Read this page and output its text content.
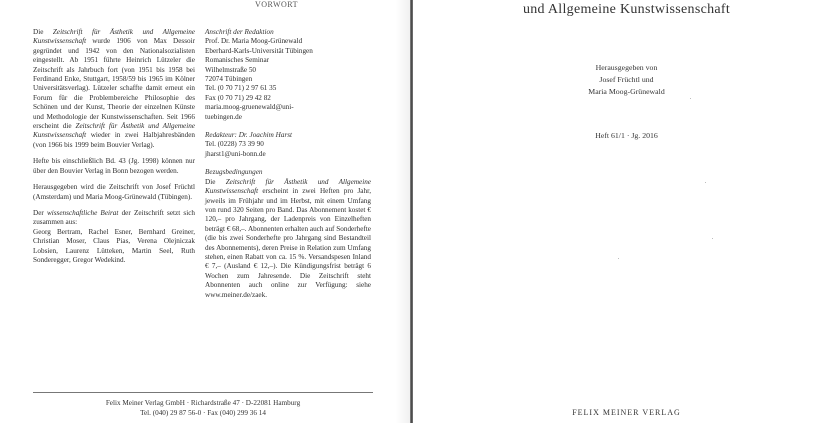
VORWORT

Die Zeitschrift für Ästhetik und Allgemeine Kunstwissenschaft wurde 1906 von Max Dessoir gegründet und 1942 von den Nationalsozialisten eingestellt. Ab 1951 führte Heinrich Lützeler die Zeitschrift als Jahrbuch fort (von 1951 bis 1958 bei Ferdinand Enke, Stuttgart, 1958/59 bis 1965 im Kölner Universitätsverlag). Lützeler schaffte damit erneut ein Forum für die Problembereiche Philosophie des Schönen und der Kunst, Theorie der einzelnen Künste und Methodologie der Kunstwissenschaften. Seit 1966 erscheint die Zeitschrift für Ästhetik und Allgemeine Kunstwissenschaft wieder in zwei Halbjahresbänden (von 1966 bis 1999 beim Bouvier Verlag).

Hefte bis einschließlich Bd. 43 (Jg. 1998) können nur über den Bouvier Verlag in Bonn bezogen werden.

Herausgegeben wird die Zeitschrift von Josef Früchtl (Amsterdam) und Maria Moog-Grünewald (Tübingen).

Der wissenschaftliche Beirat der Zeitschrift setzt sich zusammen aus:
Georg Bertram, Rachel Esner, Bernhard Greiner, Christian Moser, Claus Pias, Verena Olejniczak Lobsien, Laurenz Lütteken, Martin Seel, Ruth Sonderegger, Gregor Wedekind.

Anschrift der Redaktion
Prof. Dr. Maria Moog-Grünewald
Eberhard-Karls-Universität Tübingen
Romanisches Seminar
Wilhelmstraße 50
72074 Tübingen
Tel. (0 70 71) 2 97 61 35
Fax (0 70 71) 29 42 82
maria.moog-gruenewald@uni-
tuebingen.de
Redakteur: Dr. Joachim Harst
Tel. (0228) 73 39 90
jharst1@uni-bonn.de
Bezugsbedingungen
Die Zeitschrift für Ästhetik und Allgemeine Kunstwissenschaft erscheint in zwei Heften pro Jahr, jeweils im Frühjahr und im Herbst, mit einem Umfang von rund 320 Seiten pro Band. Das Abonnement kostet € 120,– pro Jahrgang, der Ladenpreis von Einzelheften beträgt € 68,–. Abonnenten erhalten auch auf Sonderhefte (die bis zwei Sonderhefte pro Jahrgang sind Bestandteil des Abonnements), deren Preise in Relation zum Umfang stehen, einen Rabatt von ca. 15 %. Versandspesen Inland € 7,– (Ausland € 12,–). Die Kündigungsfrist beträgt 6 Wochen zum Jahresende. Die Zeitschrift steht Abonnenten auch online zur Verfügung: siehe www.meiner.de/zaek.
Felix Meiner Verlag GmbH · Richardstraße 47 · D-22081 Hamburg
Tel. (040) 29 87 56-0 · Fax (040) 299 36 14
und Allgemeine Kunstwissenschaft
Herausgegeben von
Josef Früchtl und
Maria Moog-Grünewald
Heft 61/1 · Jg. 2016
FELIX MEINER VERLAG
